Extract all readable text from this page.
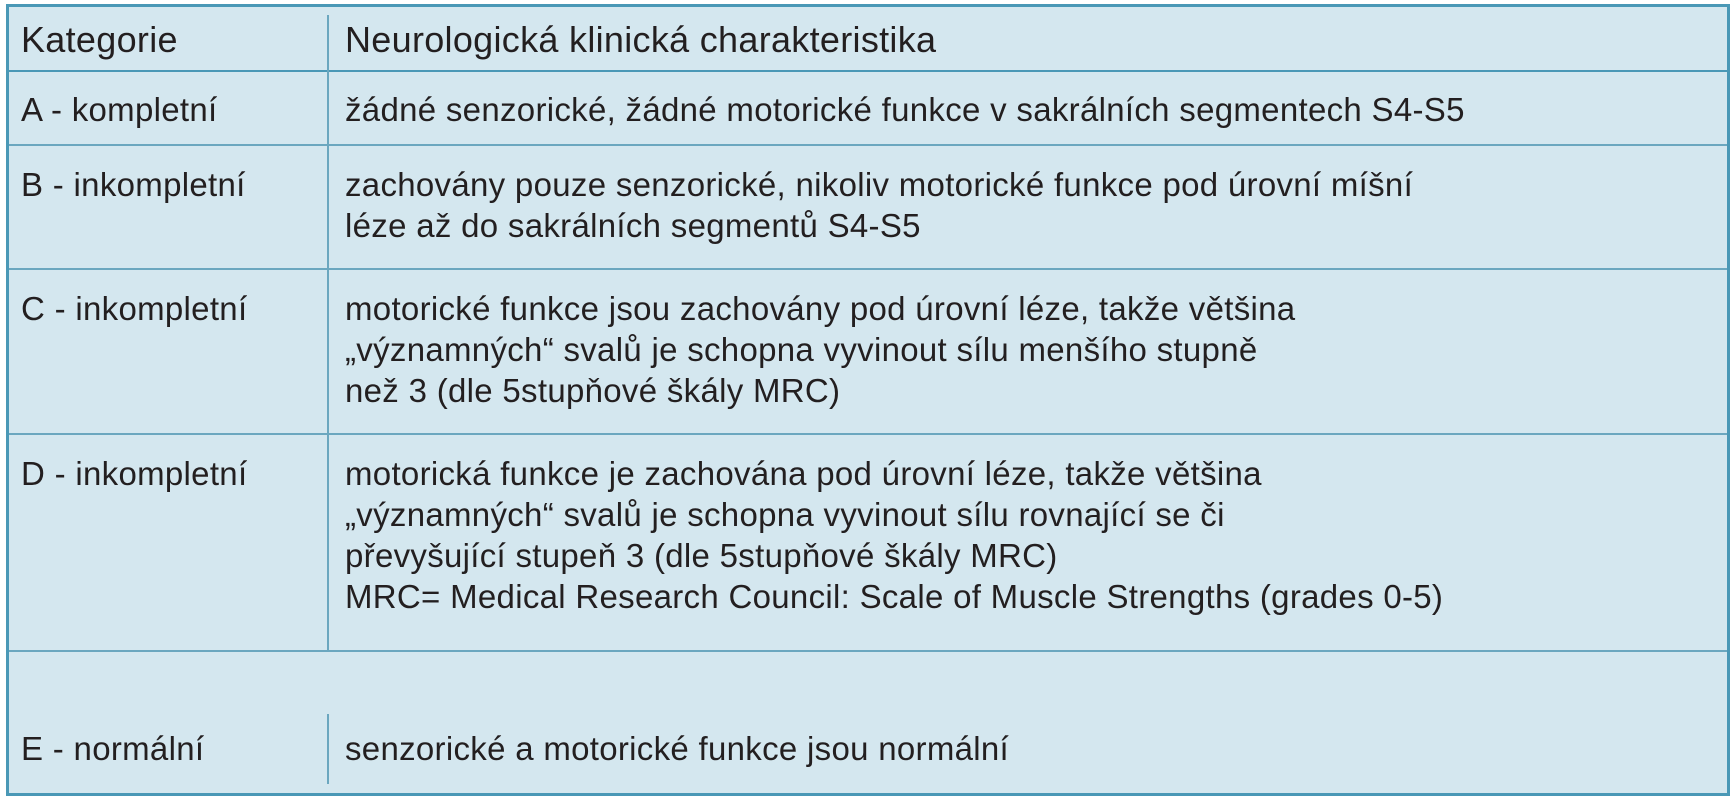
Kategorie	Neurologická klinická charakteristika
A - kompletní	žádné senzorické, žádné motorické funkce v sakrálních segmentech S4-S5
B - inkompletní	zachovány pouze senzorické, nikoliv motorické funkce pod úrovní míšní
léze až do sakrálních segmentů S4-S5
C - inkompletní	motorické funkce jsou zachovány pod úrovní léze, takže většina
„významných“ svalů je schopna vyvinout sílu menšího stupně
než 3 (dle 5stupňové škály MRC)
D - inkompletní	motorická funkce je zachována pod úrovní léze, takže většina
„významných“ svalů je schopna vyvinout sílu rovnající se či
převyšující stupeň 3 (dle 5stupňové škály MRC)
MRC= Medical Research Council: Scale of Muscle Strengths (grades 0-5)
E - normální	senzorické a motorické funkce jsou normální
